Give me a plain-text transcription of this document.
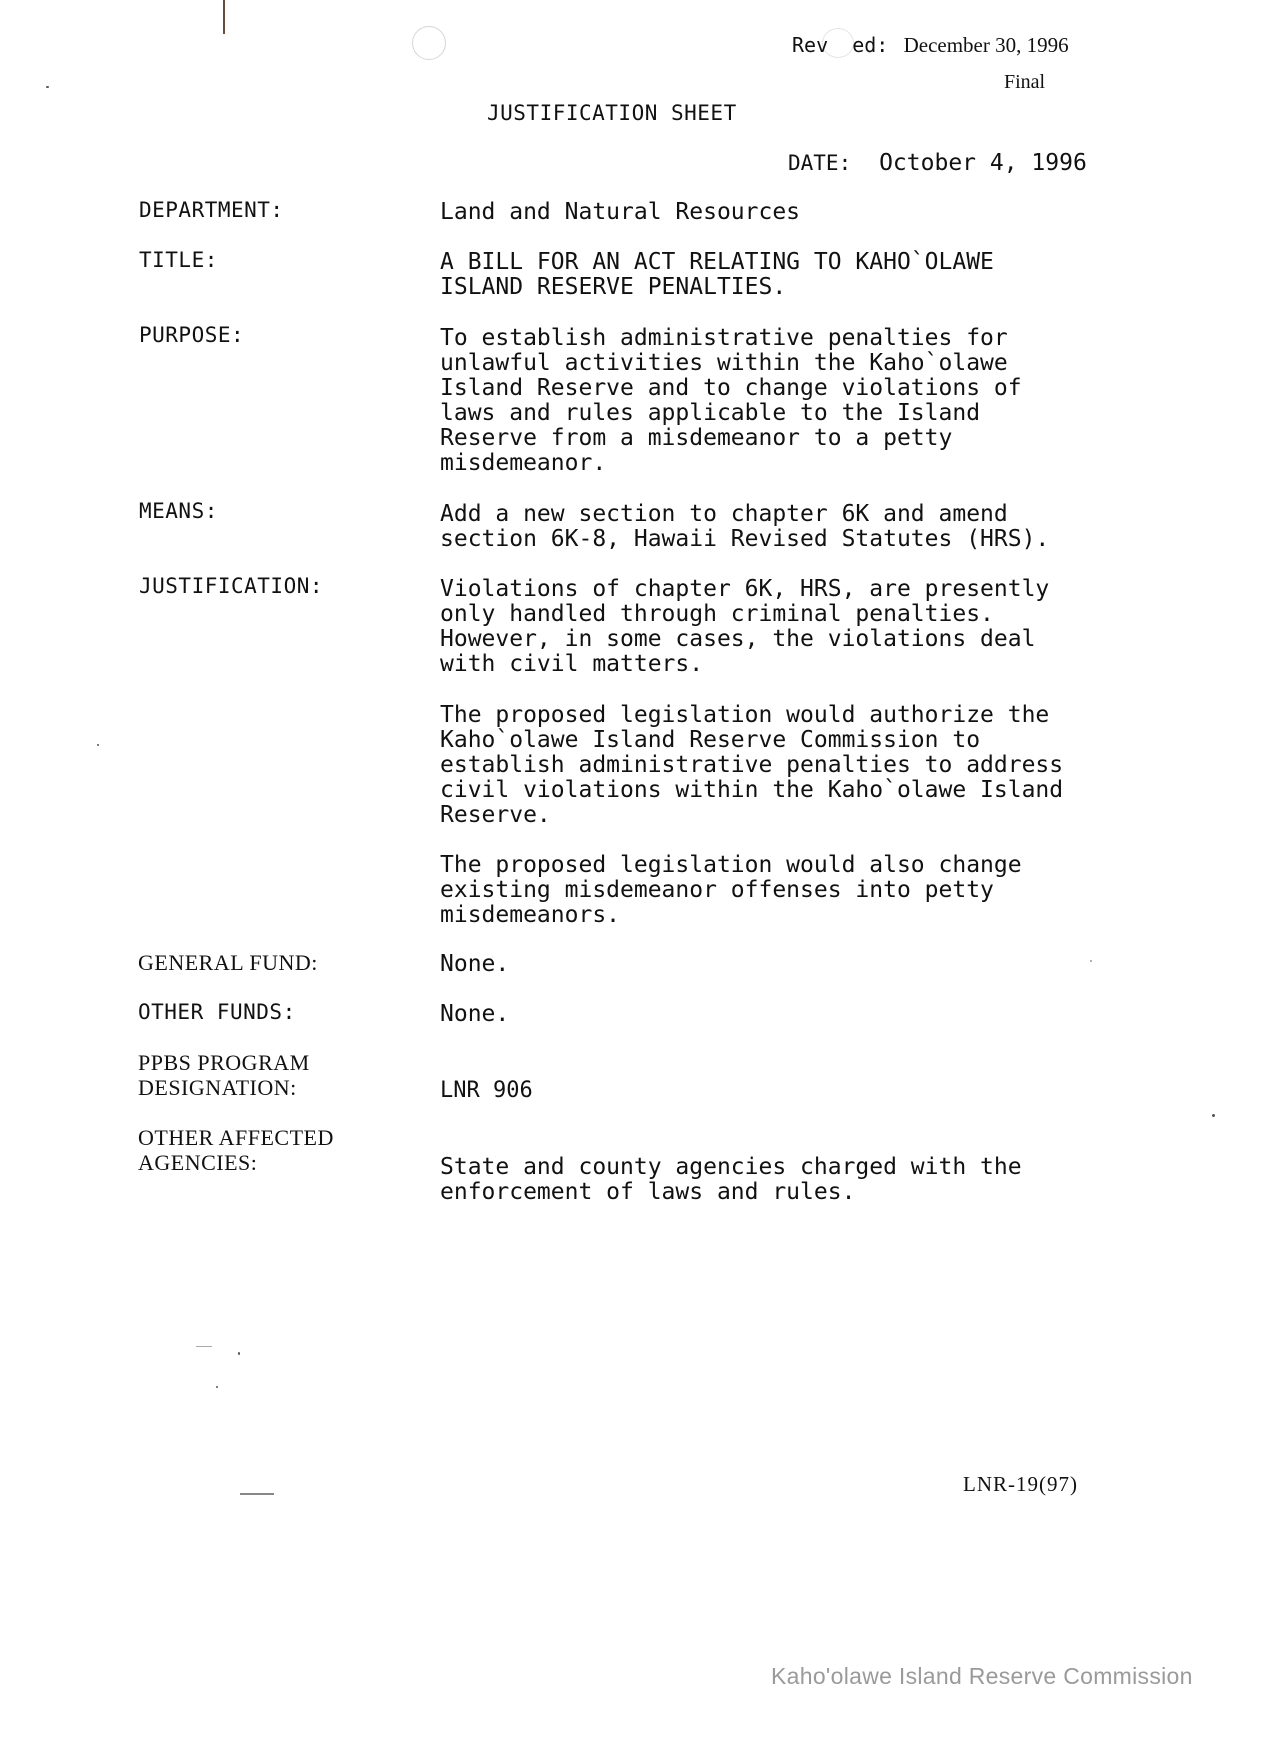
Rev  ed: December 30, 1996
Final
JUSTIFICATION SHEET
DATE: October 4, 1996
DEPARTMENT:	Land and Natural Resources
TITLE:	A BILL FOR AN ACT RELATING TO KAHO`OLAWE
ISLAND RESERVE PENALTIES.
PURPOSE:	To establish administrative penalties for
unlawful activities within the Kaho`olawe
Island Reserve and to change violations of
laws and rules applicable to the Island
Reserve from a misdemeanor to a petty
misdemeanor.
MEANS:	Add a new section to chapter 6K and amend
section 6K-8, Hawaii Revised Statutes (HRS).
JUSTIFICATION:	Violations of chapter 6K, HRS, are presently
only handled through criminal penalties.
However, in some cases, the violations deal
with civil matters.
The proposed legislation would authorize the
Kaho`olawe Island Reserve Commission to
establish administrative penalties to address
civil violations within the Kaho`olawe Island
Reserve.
The proposed legislation would also change
existing misdemeanor offenses into petty
misdemeanors.
GENERAL FUND:	None.
OTHER FUNDS:	None.
PPBS PROGRAM
DESIGNATION:	LNR 906
OTHER AFFECTED
AGENCIES:	State and county agencies charged with the
enforcement of laws and rules.
LNR-19(97)
Kaho'olawe Island Reserve Commission
